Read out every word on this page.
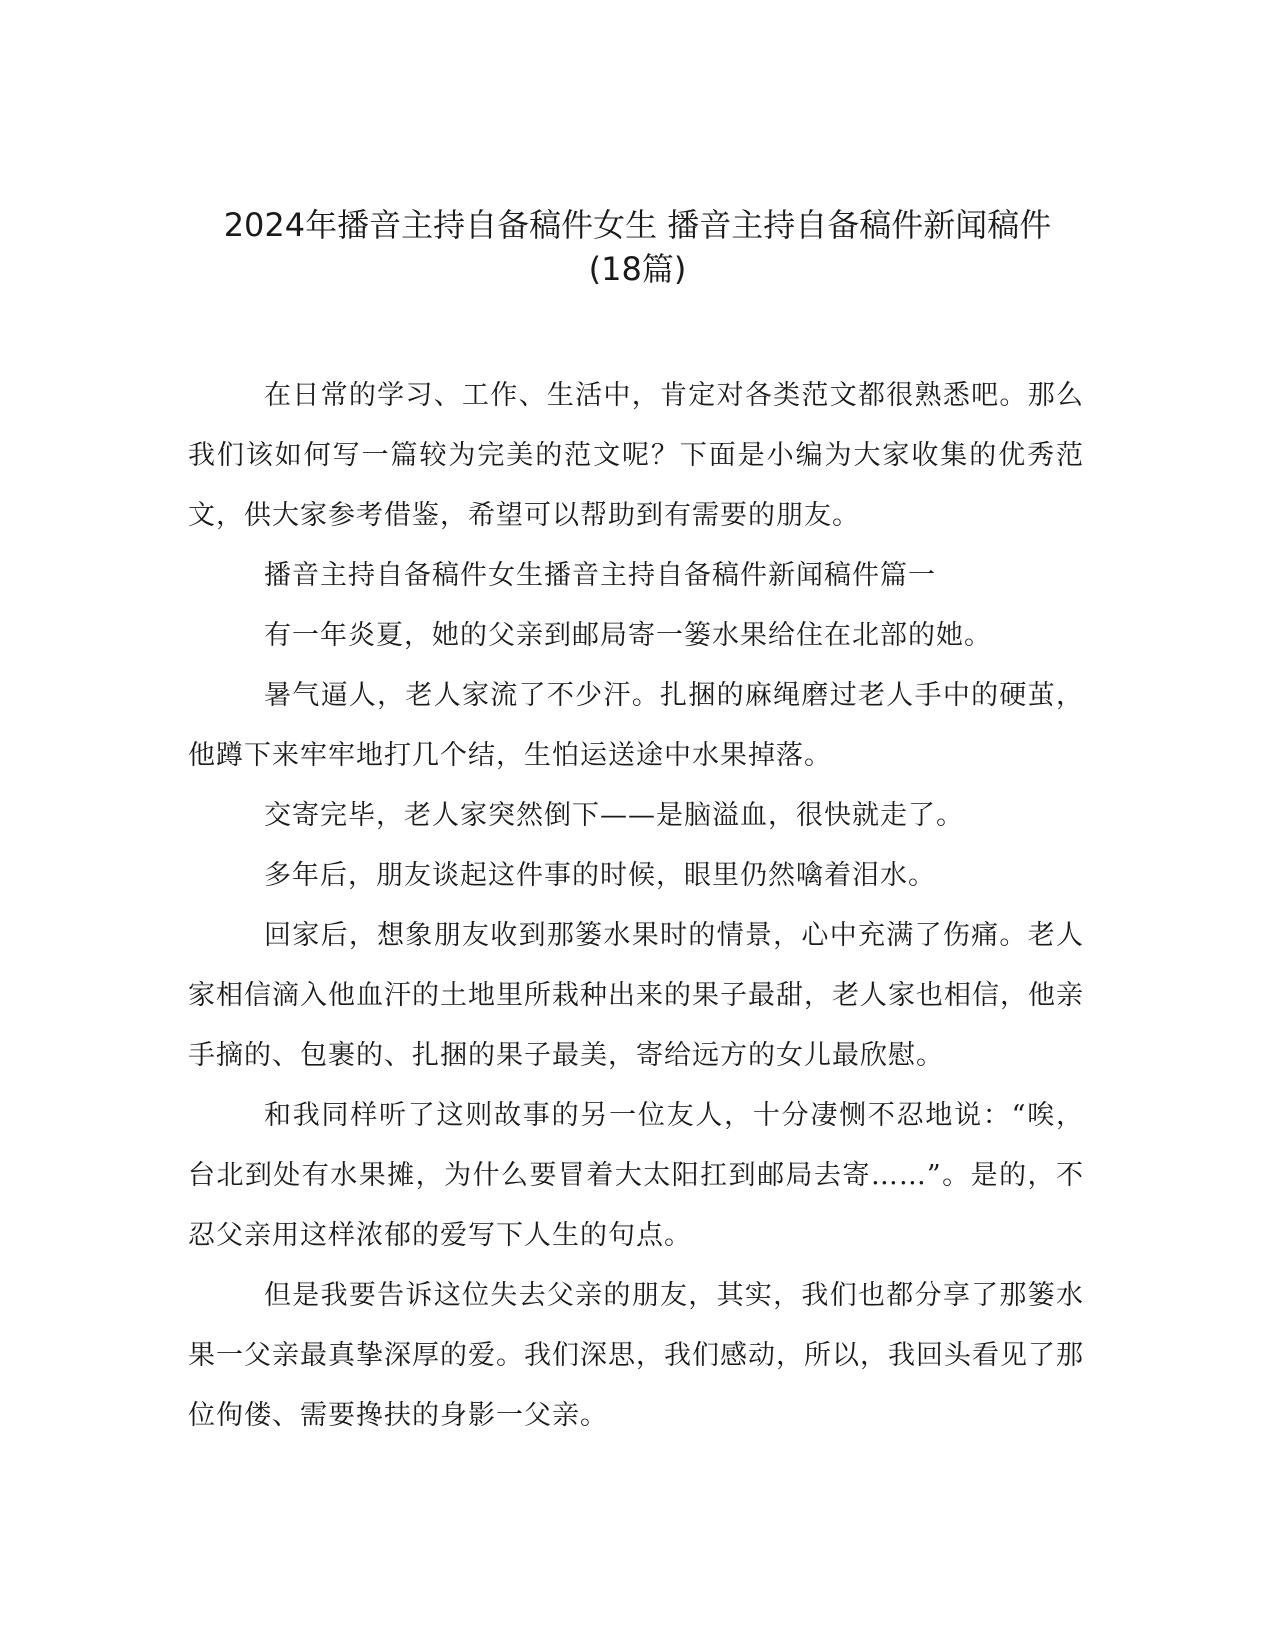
2024年播音主持自备稿件女生 播音主持自备稿件新闻稿件
(18篇)

在日常的学习、工作、生活中，肯定对各类范文都很熟悉吧。那么我们该如何写一篇较为完美的范文呢？下面是小编为大家收集的优秀范文，供大家参考借鉴，希望可以帮助到有需要的朋友。

播音主持自备稿件女生播音主持自备稿件新闻稿件篇一

有一年炎夏，她的父亲到邮局寄一篓水果给住在北部的她。

暑气逼人，老人家流了不少汗。扎捆的麻绳磨过老人手中的硬茧，他蹲下来牢牢地打几个结，生怕运送途中水果掉落。

交寄完毕，老人家突然倒下——是脑溢血，很快就走了。

多年后，朋友谈起这件事的时候，眼里仍然噙着泪水。

回家后，想象朋友收到那篓水果时的情景，心中充满了伤痛。老人家相信滴入他血汗的土地里所栽种出来的果子最甜，老人家也相信，他亲手摘的、包裹的、扎捆的果子最美，寄给远方的女儿最欣慰。

和我同样听了这则故事的另一位友人，十分凄恻不忍地说：“唉，台北到处有水果摊，为什么要冒着大太阳扛到邮局去寄……”。是的，不忍父亲用这样浓郁的爱写下人生的句点。

但是我要告诉这位失去父亲的朋友，其实，我们也都分享了那篓水果一父亲最真挚深厚的爱。我们深思，我们感动，所以，我回头看见了那位佝偻、需要搀扶的身影一父亲。
